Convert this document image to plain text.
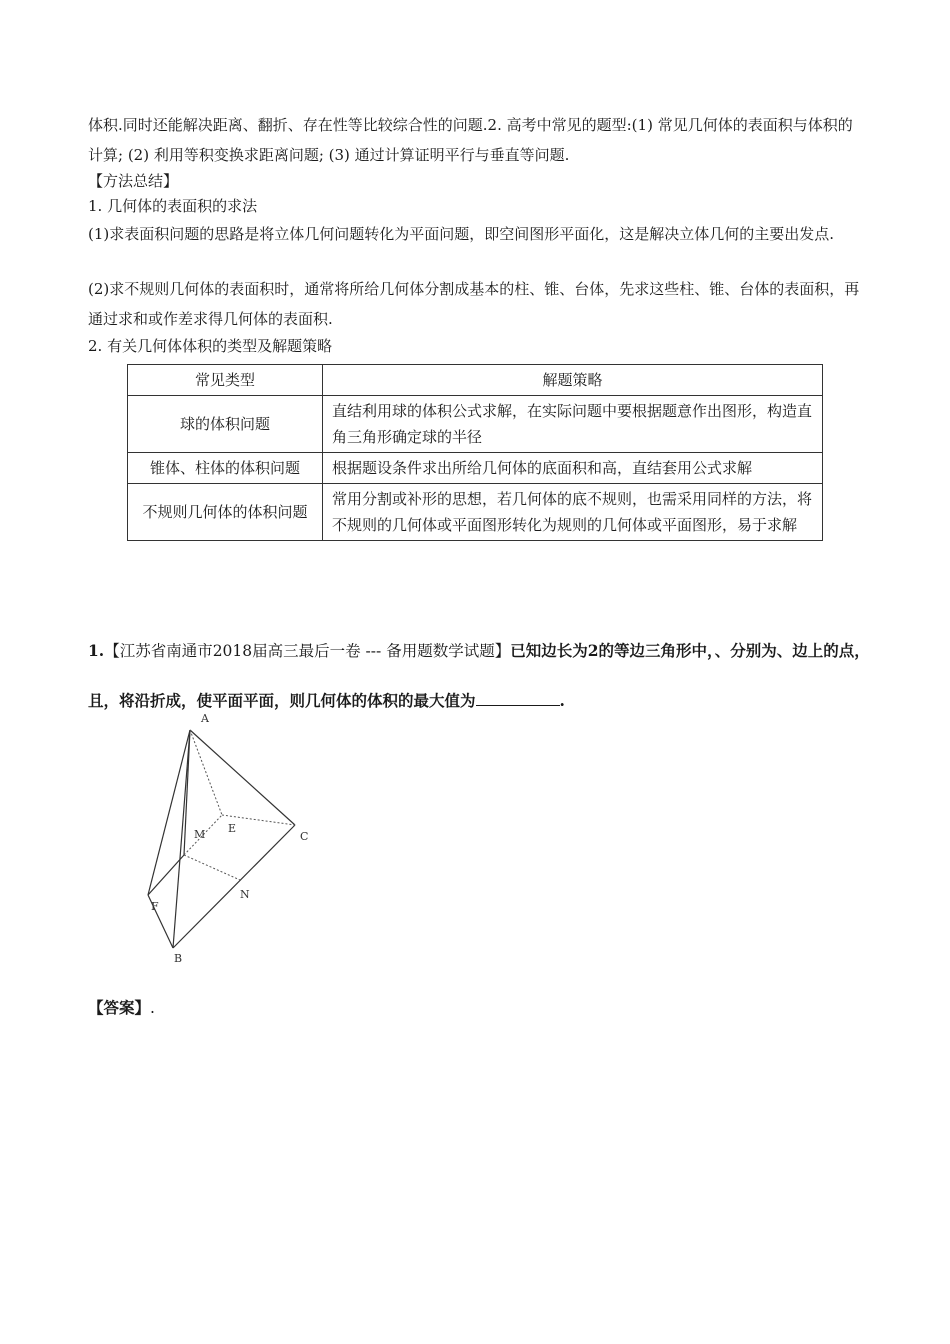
体积.同时还能解决距离、翻折、存在性等比较综合性的问题.2. 高考中常见的题型:(1) 常见几何体的表面积与体积的计算; (2) 利用等积变换求距离问题; (3) 通过计算证明平行与垂直等问题.

【方法总结】

1. 几何体的表面积的求法

(1)求表面积问题的思路是将立体几何问题转化为平面问题，即空间图形平面化，这是解决立体几何的主要出发点.

(2)求不规则几何体的表面积时，通常将所给几何体分割成基本的柱、锥、台体，先求这些柱、锥、台体的表面积，再通过求和或作差求得几何体的表面积.

2. 有关几何体体积的类型及解题策略

常见类型	解题策略
球的体积问题	直结利用球的体积公式求解，在实际问题中要根据题意作出图形，构造直角三角形确定球的半径
锥体、柱体的体积问题	根据题设条件求出所给几何体的底面积和高，直结套用公式求解
不规则几何体的体积问题	常用分割或补形的思想，若几何体的底不规则，也需采用同样的方法，将不规则的几何体或平面图形转化为规则的几何体或平面图形，易于求解

1.【江苏省南通市2018届高三最后一卷 --- 备用题数学试题】已知边长为2的等边三角形中，、分别为、边上的点，且，将沿折成，使平面平面，则几何体的体积的最大值为	.

A
B
C
E
F
M
N

【答案】.
